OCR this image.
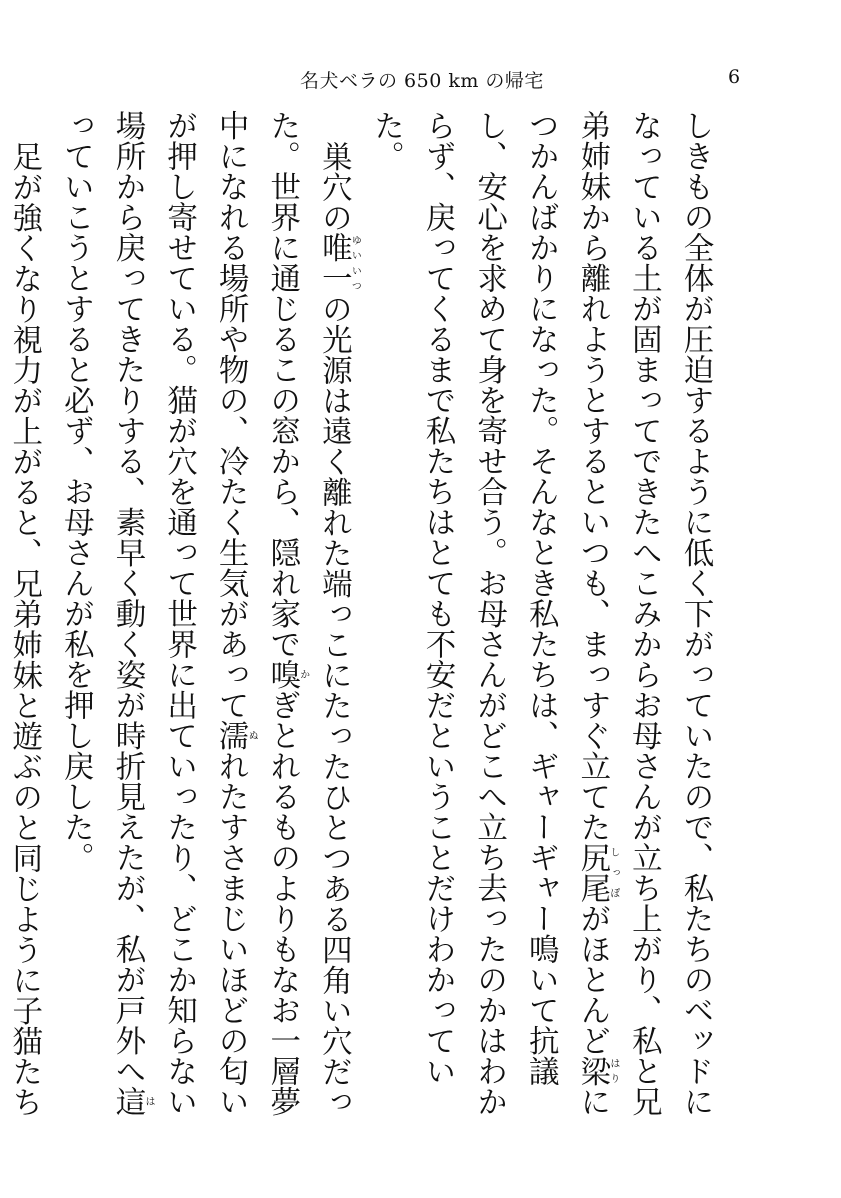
名犬ベラの 650 km の帰宅	6

しきもの全体が圧迫するように低く下がっていたので、私たちのベッドになっている土が固まってできたへこみからお母さんが立ち上がり、私と兄弟姉妹から離れようとするといつも、まっすぐ立てた尻尾しっぽがほとんど梁はりにつかんばかりになった。そんなとき私たちは、ギャーギャー鳴いて抗議し、安心を求めて身を寄せ合う。お母さんがどこへ立ち去ったのかはわからず、戻ってくるまで私たちはとても不安だということだけわかっていた。

巣穴の唯一ゆいいつの光源は遠く離れた端っこにたったひとつある四角い穴だった。世界に通じるこの窓から、隠れ家で嗅かぎとれるものよりもなお一層夢中になれる場所や物の、冷たく生気があって濡ぬれたすさまじいほどの匂いが押し寄せている。猫が穴を通って世界に出ていったり、どこか知らない場所から戻ってきたりする、素早く動く姿が時折見えたが、私が戸外へ這はっていこうとすると必ず、お母さんが私を押し戻した。

足が強くなり視力が上がると、兄弟姉妹と遊ぶのと同じように子猫たち
